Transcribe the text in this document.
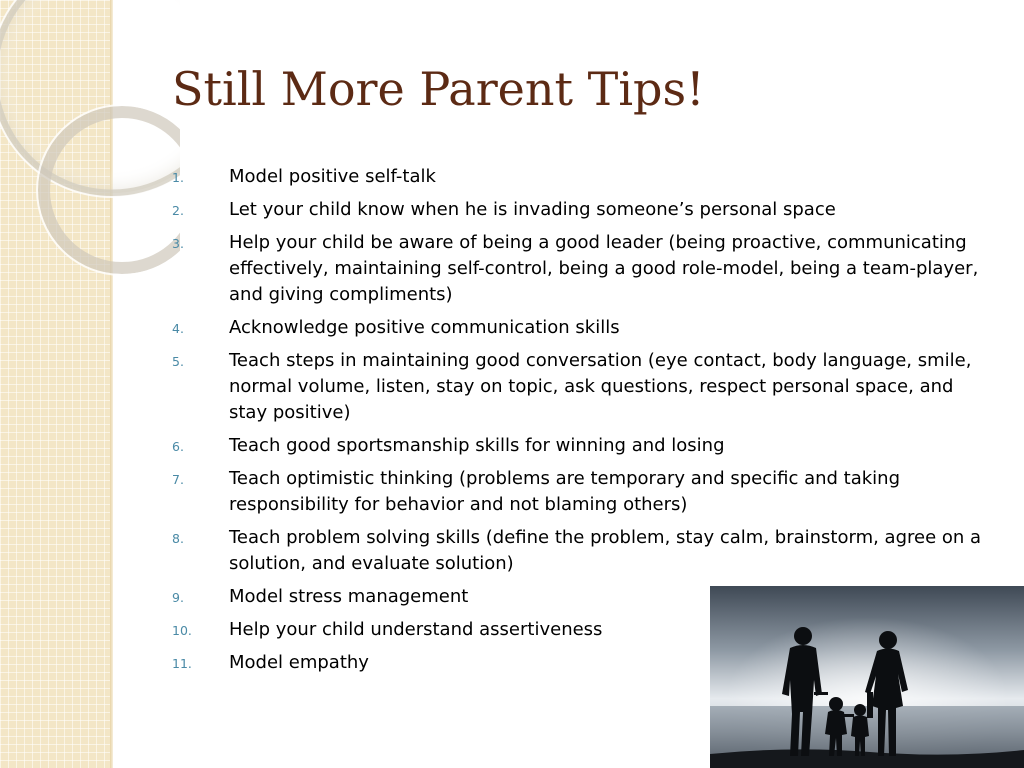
Still More Parent Tips!
1.	Model positive self-talk
2.	Let your child know when he is invading someone’s personal space
3.	Help your child be aware of being a good leader (being proactive, communicating effectively, maintaining self-control, being a good role-model, being a team-player, and giving compliments)
4.	Acknowledge positive communication skills
5.	Teach steps in maintaining good conversation (eye contact, body language, smile, normal volume, listen, stay on topic, ask questions, respect personal space, and stay positive)
6.	Teach good sportsmanship skills for winning and losing
7.	Teach optimistic thinking (problems are temporary and specific and taking responsibility for behavior and not blaming others)
8.	Teach problem solving skills (define the problem, stay calm, brainstorm, agree on a solution, and evaluate solution)
9.	Model stress management
10.	Help your child understand assertiveness
11.	Model empathy
